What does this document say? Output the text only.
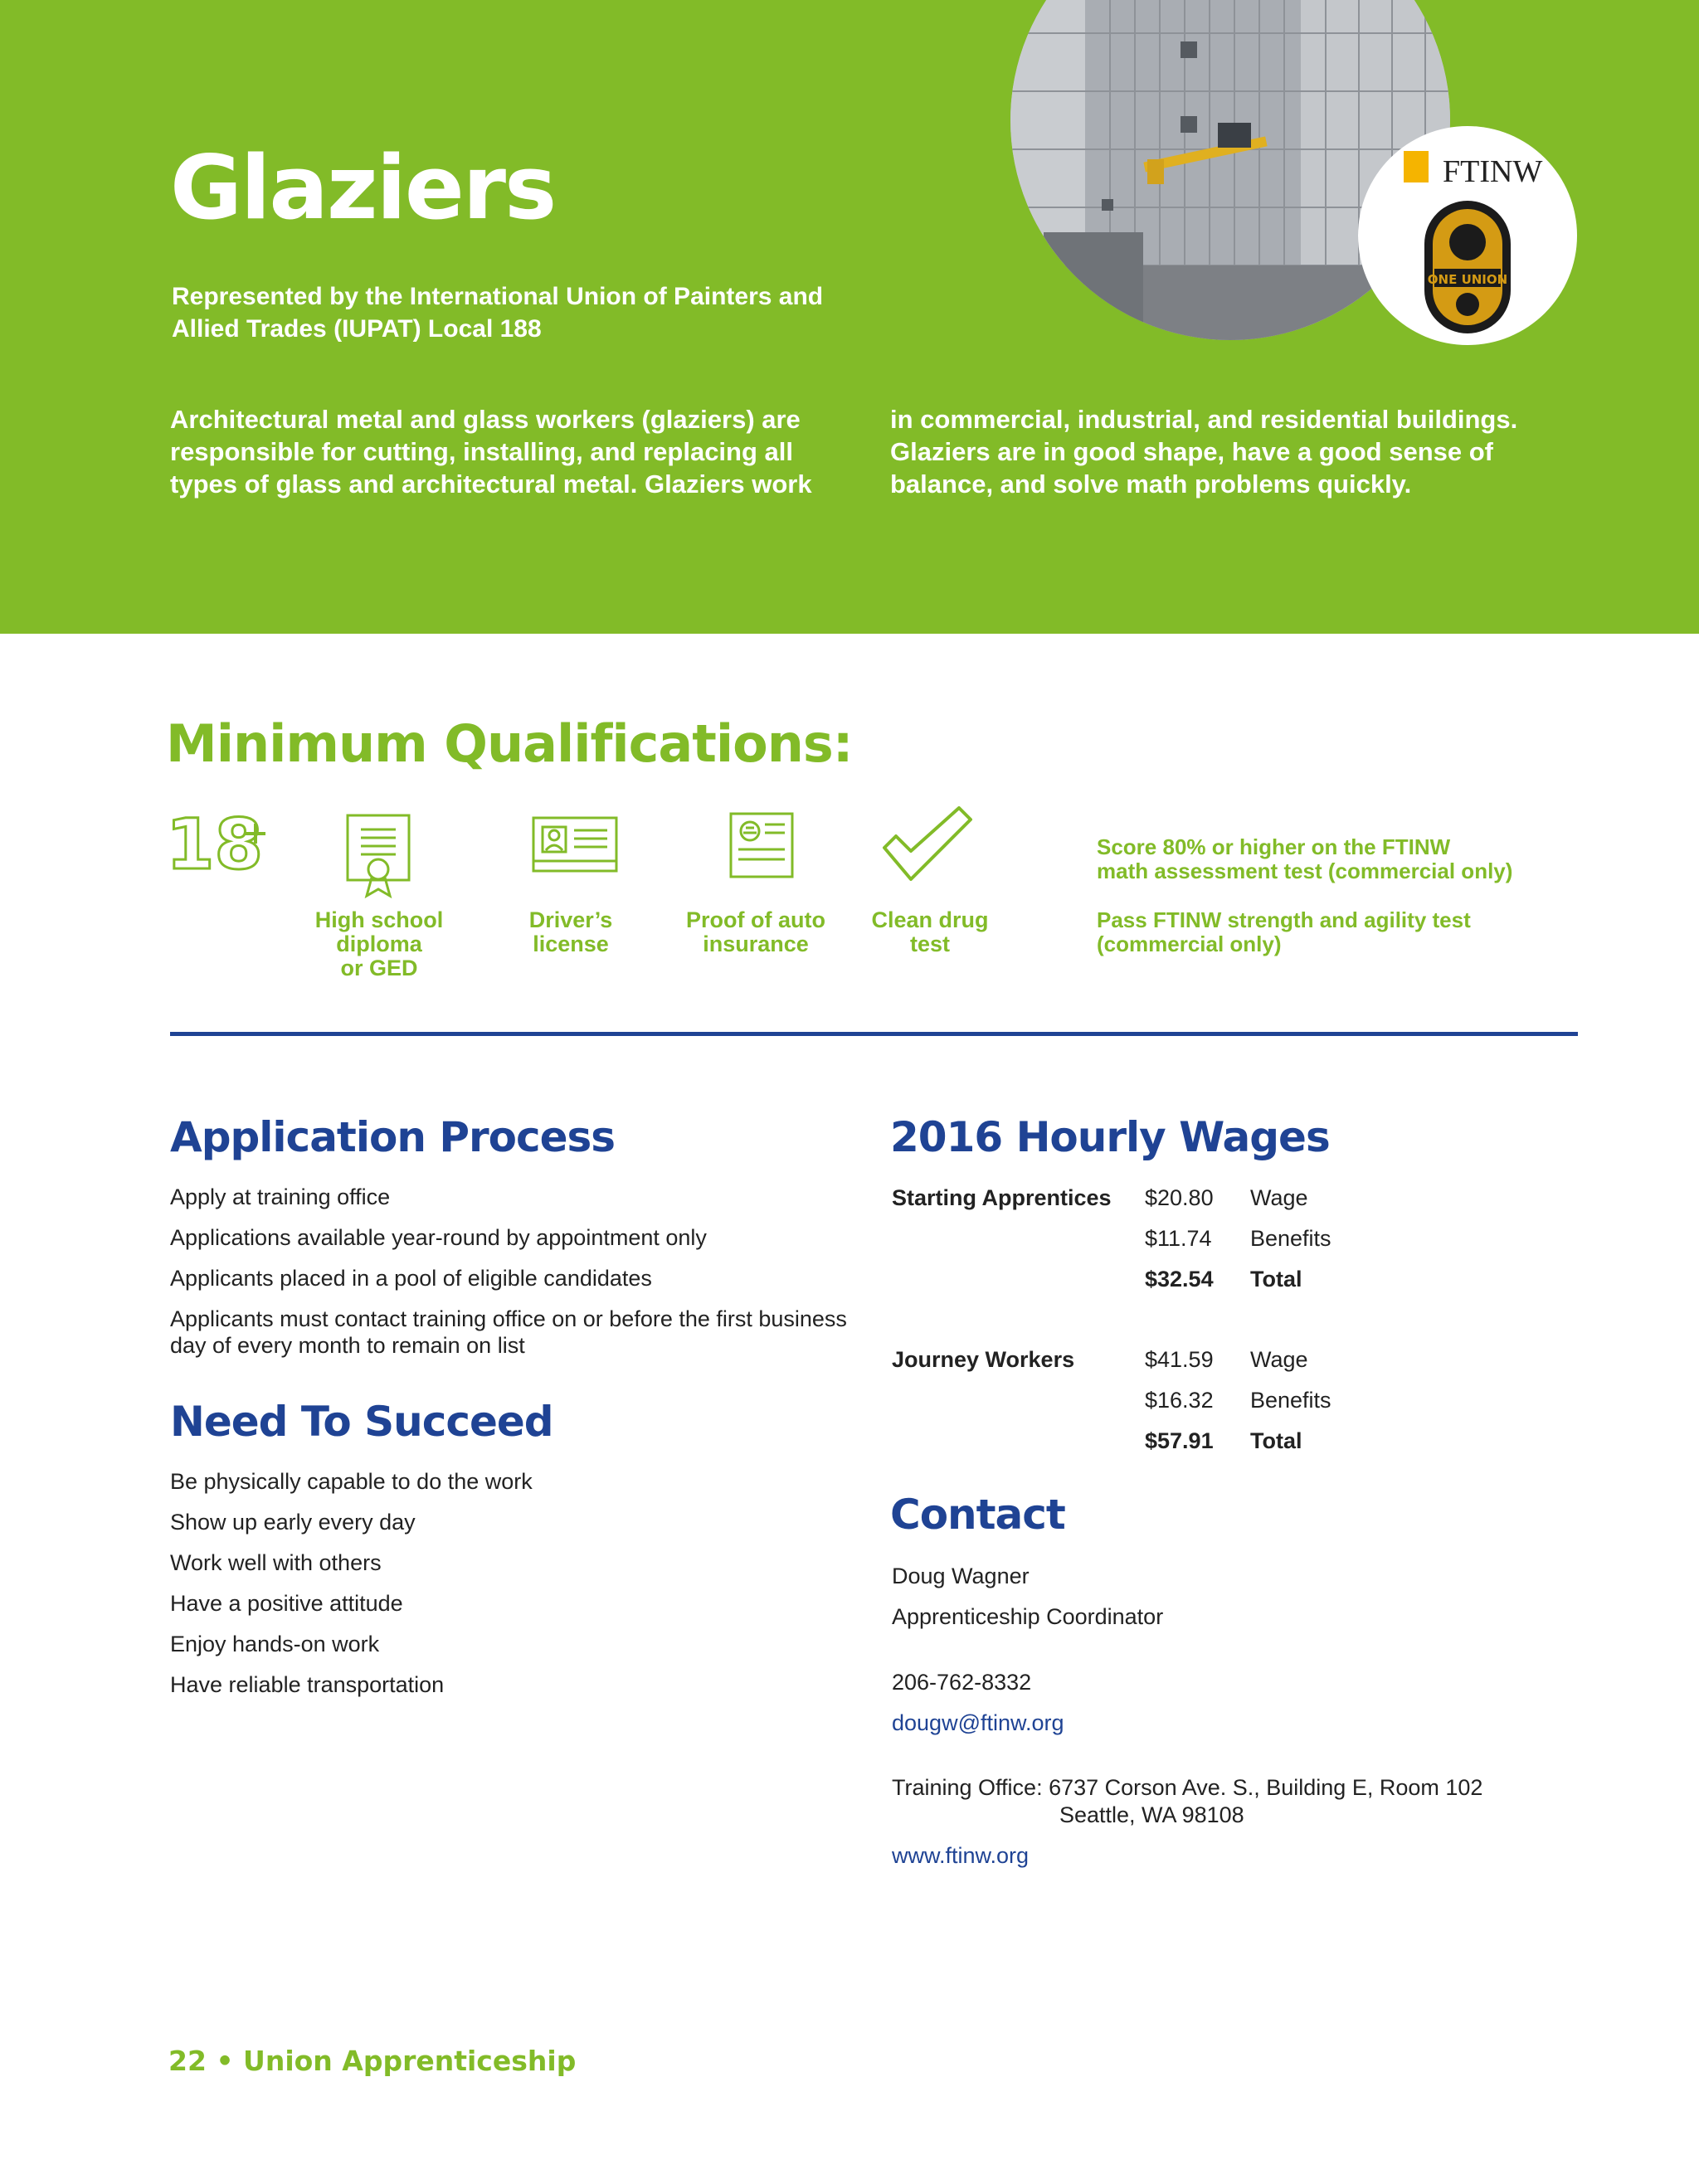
FTINW
ONE UNION
Glaziers
Represented by the International Union of Painters and
Allied Trades (IUPAT) Local 188
Architectural metal and glass workers (glaziers) are
responsible for cutting, installing, and replacing all
types of glass and architectural metal. Glaziers work
in commercial, industrial, and residential buildings.
Glaziers are in good shape, have a good sense of
balance, and solve math problems quickly.
Minimum Qualifications:
18
High school
diploma
or GED
Driver’s
license
Proof of auto
insurance
Clean drug
test
Score 80% or higher on the FTINW
math assessment test (commercial only)
Pass FTINW strength and agility test
(commercial only)
Application Process
Apply at training office
Applications available year-round by appointment only
Applicants placed in a pool of eligible candidates
Applicants must contact training office on or before the first business day of every month to remain on list
Need To Succeed
Be physically capable to do the work
Show up early every day
Work well with others
Have a positive attitude
Enjoy hands-on work
Have reliable transportation
2016 Hourly Wages
Starting Apprentices $20.80 Wage
$11.74 Benefits
$32.54 Total
Journey Workers	$41.59 Wage
$16.32 Benefits
$57.91 Total
Contact

Doug Wagner

Apprenticeship Coordinator

206-762-8332

dougw@ftinw.org

Training Office: 6737 Corson Ave. S., Building E, Room 102

Seattle, WA 98108

www.ftinw.org

22 • Union Apprenticeship
